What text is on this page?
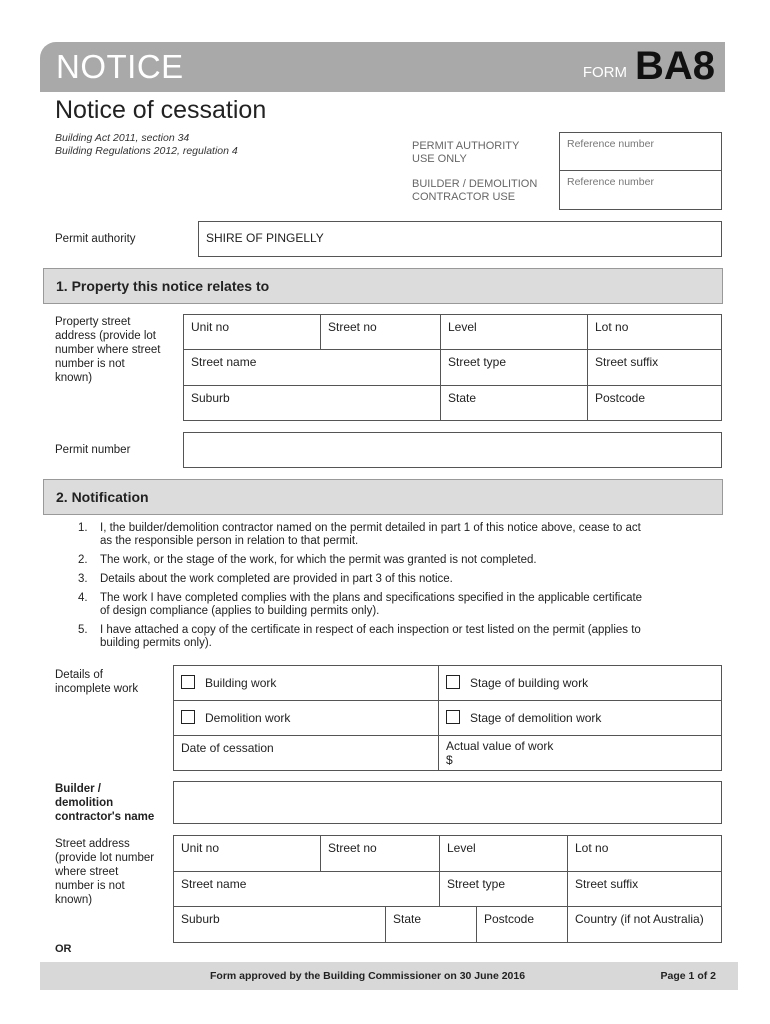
NOTICE	FORM BA8
Notice of cessation
Building Act 2011, section 34
Building Regulations 2012, regulation 4	PERMIT AUTHORITY
USE ONLY
Reference number
BUILDER / DEMOLITION
CONTRACTOR USE
Reference number
Permit authority	SHIRE OF PINGELLY
1. Property this notice relates to
Property street
address (provide lot
number where street
number is not
known)
Unit no	Street no	Level	Lot no
Street name	Street type	Street suffix
Suburb	State	Postcode
Permit number
2. Notification
1. I, the builder/demolition contractor named on the permit detailed in part 1 of this notice above, cease to act
as the responsible person in relation to that permit.
2. The work, or the stage of the work, for which the permit was granted is not completed.
3. Details about the work completed are provided in part 3 of this notice.
4. The work I have completed complies with the plans and specifications specified in the applicable certificate
of design compliance (applies to building permits only).
5. I have attached a copy of the certificate in respect of each inspection or test listed on the permit (applies to
building permits only).
Details of
incomplete work	Building work	Stage of building work
Demolition work	Stage of demolition work
Date of cessation	Actual value of work
$
Builder /
demolition
contractor's name
Street address
(provide lot number
where street
number is not
known)
Unit no	Street no	Level	Lot no
Street name	Street type	Street suffix
Suburb	State	Postcode	Country (if not Australia)
OR
Form approved by the Building Commissioner on 30 June 2016	Page 1 of 2
